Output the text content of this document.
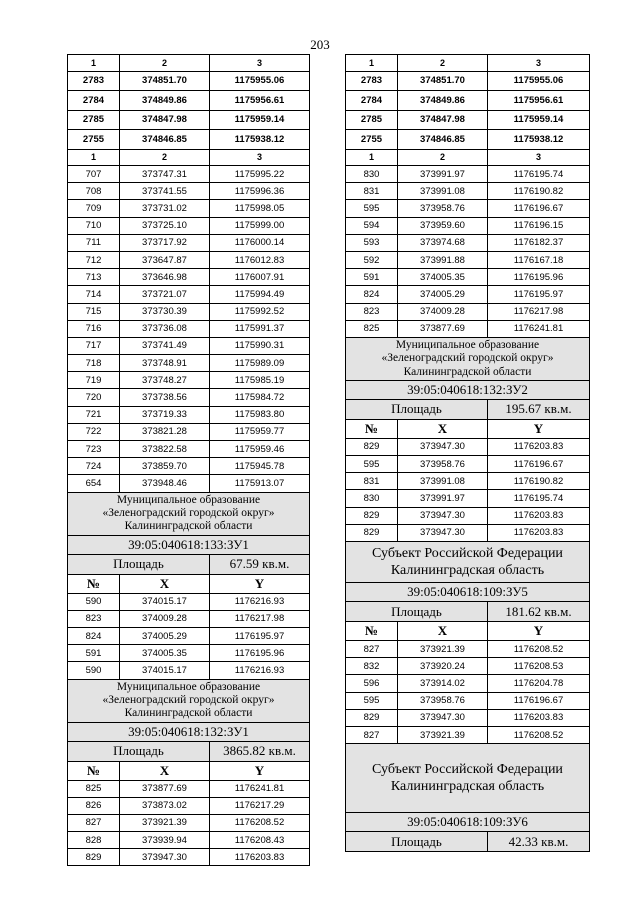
203
1	2	3
2783	374851.70	1175955.06
2784	374849.86	1175956.61
2785	374847.98	1175959.14
2755	374846.85	1175938.12
1	2	3
707	373747.31	1175995.22
708	373741.55	1175996.36
709	373731.02	1175998.05
710	373725.10	1175999.00
711	373717.92	1176000.14
712	373647.87	1176012.83
713	373646.98	1176007.91
714	373721.07	1175994.49
715	373730.39	1175992.52
716	373736.08	1175991.37
717	373741.49	1175990.31
718	373748.91	1175989.09
719	373748.27	1175985.19
720	373738.56	1175984.72
721	373719.33	1175983.80
722	373821.28	1175959.77
723	373822.58	1175959.46
724	373859.70	1175945.78
654	373948.46	1175913.07

Муниципальное образование
«Зеленоградский городской округ»
Калининградской области		

39:05:040618:133:ЗУ1		
Площадь		67.59 кв.м.
№	X	Y
590	374015.17	1176216.93
823	374009.28	1176217.98
824	374005.29	1176195.97
591	374005.35	1176195.96
590	374015.17	1176216.93

Муниципальное образование
«Зеленоградский городской округ»
Калининградской области		

39:05:040618:132:ЗУ1		
Площадь		3865.82 кв.м.
№	X	Y
825	373877.69	1176241.81
826	373873.02	1176217.29
827	373921.39	1176208.52
828	373939.94	1176208.43
829	373947.30	1176203.83
1	2	3
2783	374851.70	1175955.06
2784	374849.86	1175956.61
2785	374847.98	1175959.14
2755	374846.85	1175938.12
1	2	3
830	373991.97	1176195.74
831	373991.08	1176190.82
595	373958.76	1176196.67
594	373959.60	1176196.15
593	373974.68	1176182.37
592	373991.88	1176167.18
591	374005.35	1176195.96
824	374005.29	1176195.97
823	374009.28	1176217.98
825	373877.69	1176241.81

Муниципальное образование
«Зеленоградский городской округ»
Калининградской области		

39:05:040618:132:ЗУ2		
Площадь		195.67 кв.м.
№	X	Y
829	373947.30	1176203.83
595	373958.76	1176196.67
831	373991.08	1176190.82
830	373991.97	1176195.74
829	373947.30	1176203.83
829	373947.30	1176203.83

Субъект Российской Федерации
Калининградская область		

39:05:040618:109:ЗУ5		
Площадь		181.62 кв.м.
№	X	Y
827	373921.39	1176208.52
832	373920.24	1176208.53
596	373914.02	1176204.78
595	373958.76	1176196.67
829	373947.30	1176203.83
827	373921.39	1176208.52

Субъект Российской Федерации
Калининградская область		

39:05:040618:109:ЗУ6		
Площадь		42.33 кв.м.
